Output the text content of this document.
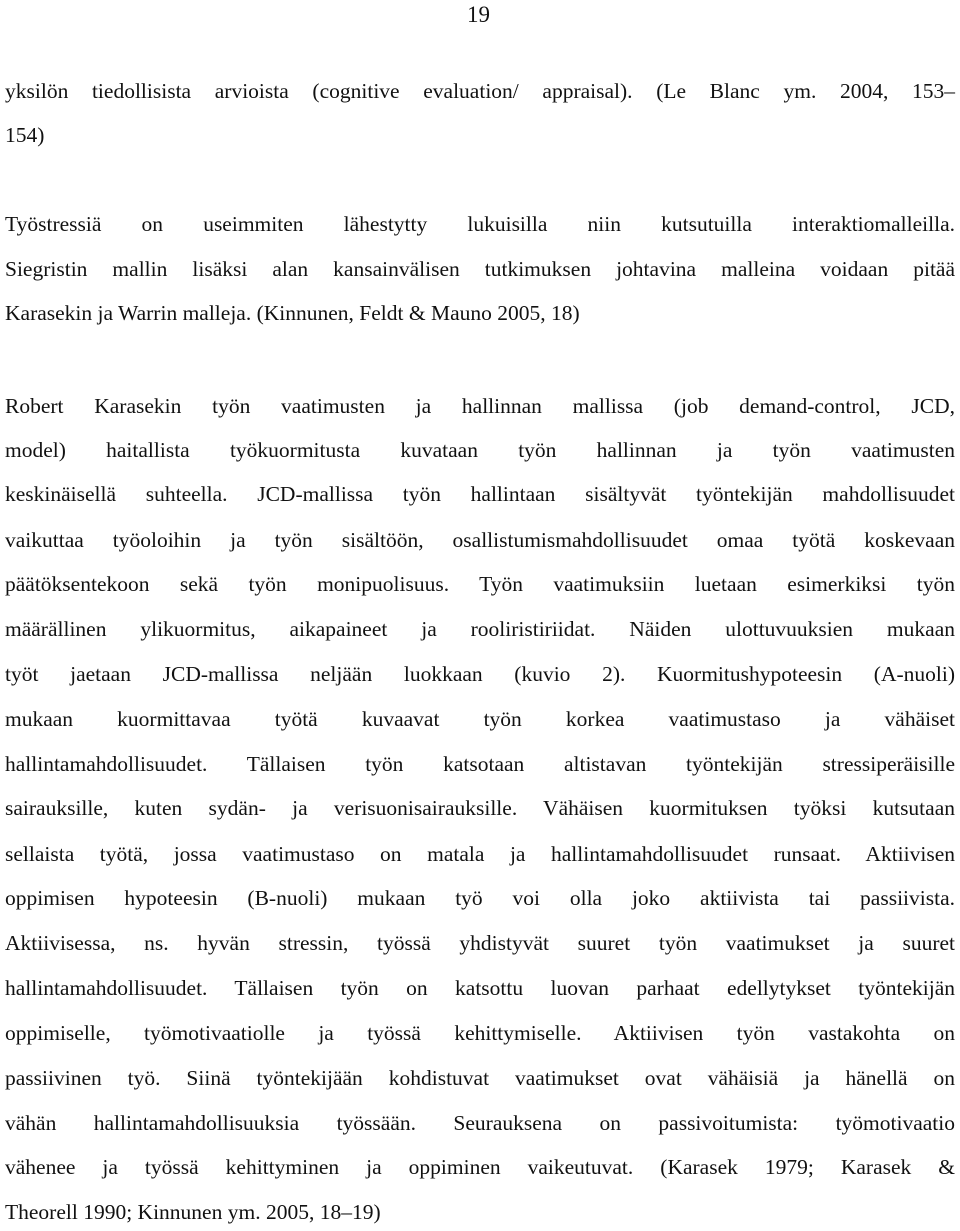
19
yksilön tiedollisista arvioista (cognitive evaluation/ appraisal). (Le Blanc ym. 2004, 153–
154)
Työstressiä on useimmiten lähestytty lukuisilla niin kutsutuilla interaktiomalleilla.
Siegristin mallin lisäksi alan kansainvälisen tutkimuksen johtavina malleina voidaan pitää
Karasekin ja Warrin malleja. (Kinnunen, Feldt & Mauno 2005, 18)
Robert Karasekin työn vaatimusten ja hallinnan mallissa (job demand-control, JCD,
model) haitallista työkuormitusta kuvataan työn hallinnan ja työn vaatimusten
keskinäisellä suhteella. JCD-mallissa työn hallintaan sisältyvät työntekijän mahdollisuudet
vaikuttaa työoloihin ja työn sisältöön, osallistumismahdollisuudet omaa työtä koskevaan
päätöksentekoon sekä työn monipuolisuus. Työn vaatimuksiin luetaan esimerkiksi työn
määrällinen ylikuormitus, aikapaineet ja rooliristiriidat. Näiden ulottuvuuksien mukaan
työt jaetaan JCD-mallissa neljään luokkaan (kuvio 2). Kuormitushypoteesin (A-nuoli)
mukaan kuormittavaa työtä kuvaavat työn korkea vaatimustaso ja vähäiset
hallintamahdollisuudet. Tällaisen työn katsotaan altistavan työntekijän stressiperäisille
sairauksille, kuten sydän- ja verisuonisairauksille. Vähäisen kuormituksen työksi kutsutaan
sellaista työtä, jossa vaatimustaso on matala ja hallintamahdollisuudet runsaat. Aktiivisen
oppimisen hypoteesin (B-nuoli) mukaan työ voi olla joko aktiivista tai passiivista.
Aktiivisessa, ns. hyvän stressin, työssä yhdistyvät suuret työn vaatimukset ja suuret
hallintamahdollisuudet. Tällaisen työn on katsottu luovan parhaat edellytykset työntekijän
oppimiselle, työmotivaatiolle ja työssä kehittymiselle. Aktiivisen työn vastakohta on
passiivinen työ. Siinä työntekijään kohdistuvat vaatimukset ovat vähäisiä ja hänellä on
vähän hallintamahdollisuuksia työssään. Seurauksena on passivoitumista: työmotivaatio
vähenee ja työssä kehittyminen ja oppiminen vaikeutuvat. (Karasek 1979; Karasek &
Theorell 1990; Kinnunen ym. 2005, 18–19)
